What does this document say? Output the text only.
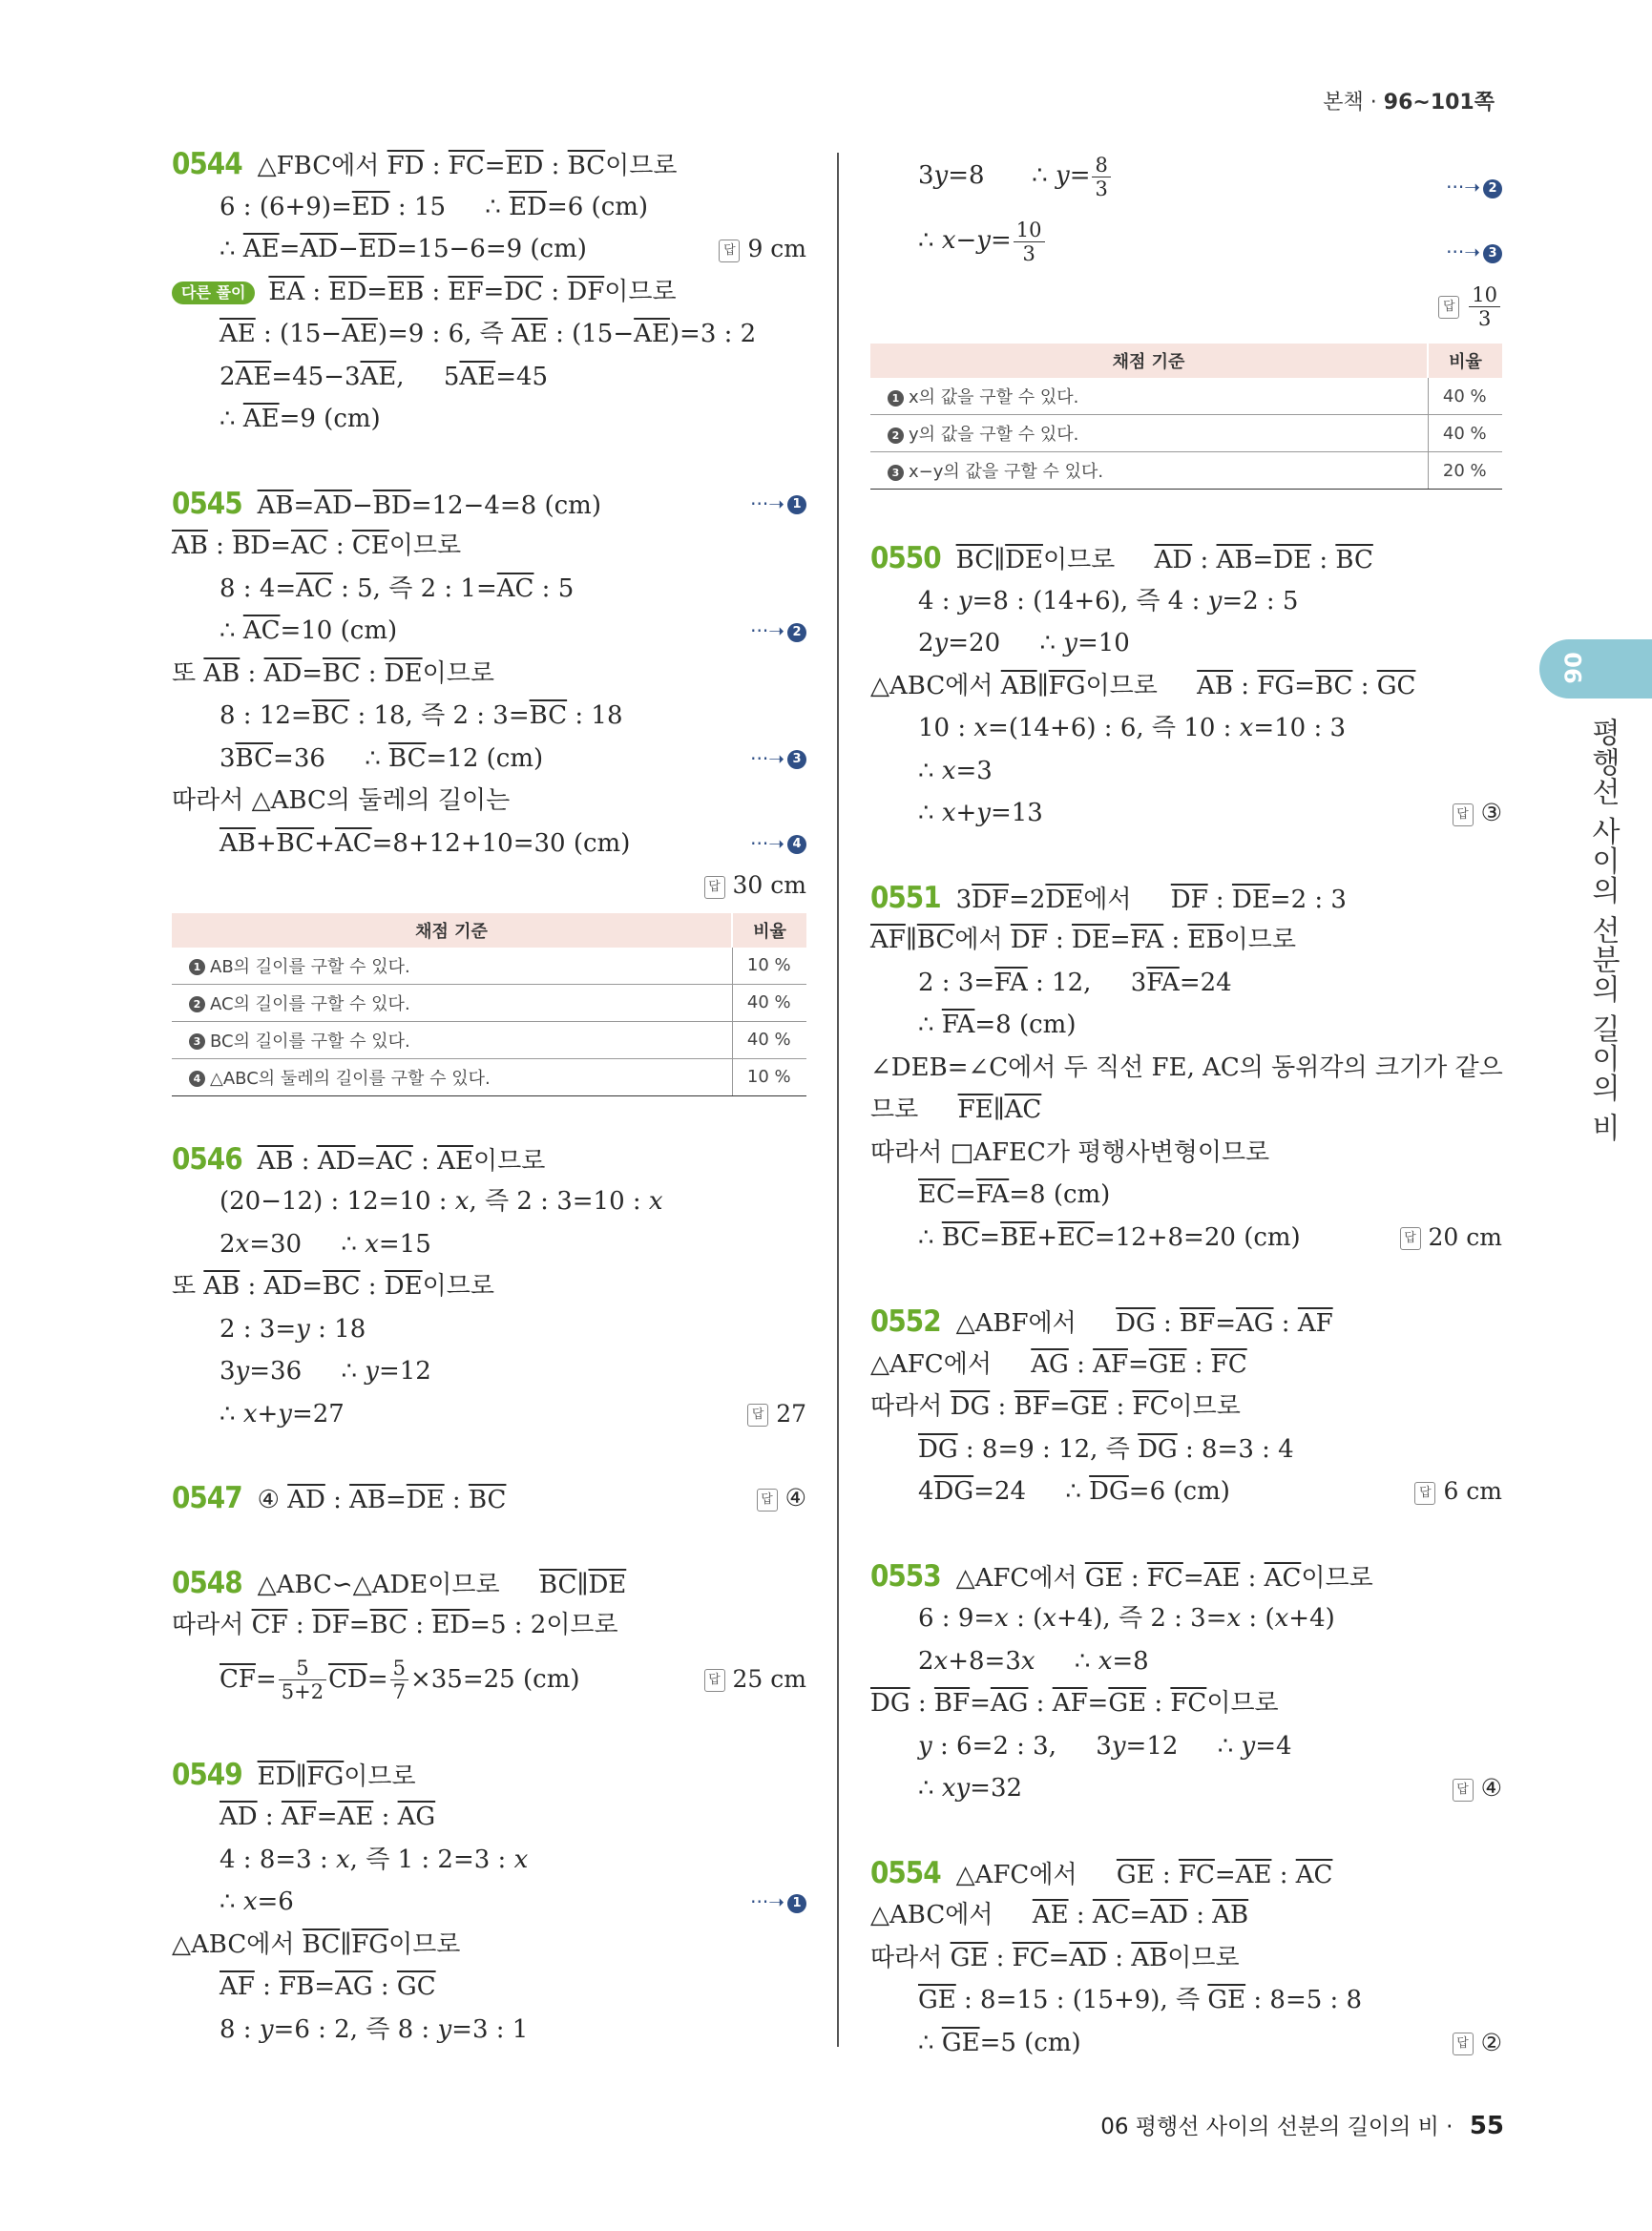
본책 · 96~101쪽
0544 △FBC에서 $\overline{FD}$ : $\overline{FC}=\overline{ED}$ : $\overline{BC}$이므로
6 : $(6+9)=\overline{ED}$ : 15     ∴ $\overline{ED}=6$ (cm)
∴ $\overline{AE}=\overline{AD}-\overline{ED}=15-6=9$ (cm)	답 9 cm
다른 풀이 $\overline{EA}$ : $\overline{ED}=\overline{EB}$ : $\overline{EF}=\overline{DC}$ : $\overline{DF}$이므로
$\overline{AE}$ : $(15-\overline{AE})=9$ : 6, 즉 $\overline{AE}$ : $(15-\overline{AE})=3$ : 2
$2\overline{AE}=45-3\overline{AE}$,     $5\overline{AE}=45$
∴ $\overline{AE}=9$ (cm)
0545 $\overline{AB}=\overline{AD}-\overline{BD}=12-4=8$ (cm)	···➝ 1
$\overline{AB}$ : $\overline{BD}=\overline{AC}$ : $\overline{CE}$이므로
8 : $4=\overline{AC}$ : 5, 즉 2 : $1=\overline{AC}$ : 5
∴ $\overline{AC}=10$ (cm)	···➝ 2
또 $\overline{AB}$ : $\overline{AD}=\overline{BC}$ : $\overline{DE}$이므로
8 : $12=\overline{BC}$ : 18, 즉 2 : $3=\overline{BC}$ : 18
$3\overline{BC}=36$     ∴ $\overline{BC}=12$ (cm)	···➝ 3
따라서 △ABC의 둘레의 길이는
$\overline{AB}+\overline{BC}+\overline{AC}=8+12+10=30$ (cm)	···➝ 4
답 30 cm
채점 기준	비율
1 AB의 길이를 구할 수 있다.	10 %
2 AC의 길이를 구할 수 있다.	40 %
3 BC의 길이를 구할 수 있다.	40 %
4 △ABC의 둘레의 길이를 구할 수 있다.	10 %
0546 $\overline{AB}$ : $\overline{AD}=\overline{AC}$ : $\overline{AE}$이므로
(20−12) : 12=10 : x, 즉 2 : 3=10 : x
2x=30     ∴ x=15
또 $\overline{AB}$ : $\overline{AD}=\overline{BC}$ : $\overline{DE}$이므로
2 : 3=y : 18
3y=36     ∴ y=12
∴ x+y=27	답 27
0547 ④ $\overline{AD}$ : $\overline{AB}=\overline{DE}$ : $\overline{BC}$	답 ④
0548 △ABC∽△ADE이므로     $\overline{BC}\parallel\overline{DE}$
따라서 $\overline{CF}$ : $\overline{DF}=\overline{BC}$ : $\overline{ED}=5$ : 2이므로
$\overline{CF}= \frac{5}{5+2} \overline{CD}= \frac{5}{7} \times 35=25$ (cm)	답 25 cm
0549 $\overline{ED}\parallel\overline{FG}$이므로
$\overline{AD}$ : $\overline{AF}=\overline{AE}$ : $\overline{AG}$
4 : 8=3 : x, 즉 1 : 2=3 : x
∴ x=6	···➝ 1
△ABC에서 $\overline{BC}\parallel\overline{FG}$이므로
$\overline{AF}$ : $\overline{FB}=\overline{AG}$ : $\overline{GC}$
8 : y=6 : 2, 즉 8 : y=3 : 1
3y=8      ∴ $y= \frac{8}{3}$	···➝ 2
∴ $x-y= \frac{10}{3}$	···➝ 3
답 $\frac{10}{3}$
채점 기준	비율
1 x의 값을 구할 수 있다.	40 %
2 y의 값을 구할 수 있다.	40 %
3 x−y의 값을 구할 수 있다.	20 %
0550 $\overline{BC}\parallel\overline{DE}$이므로     $\overline{AD}$ : $\overline{AB}=\overline{DE}$ : $\overline{BC}$
4 : y=8 : (14+6), 즉 4 : y=2 : 5
2y=20     ∴ y=10
△ABC에서 $\overline{AB}\parallel\overline{FG}$이므로     $\overline{AB}$ : $\overline{FG}=\overline{BC}$ : $\overline{GC}$
10 : x=(14+6) : 6, 즉 10 : x=10 : 3
∴ x=3
∴ x+y=13	답 ③
0551 $3\overline{DF}=2\overline{DE}$에서     $\overline{DF}$ : $\overline{DE}=2$ : 3
$\overline{AF}\parallel\overline{BC}$에서 $\overline{DF}$ : $\overline{DE}=\overline{FA}$ : $\overline{EB}$이므로
2 : $3=\overline{FA}$ : 12,     $3\overline{FA}=24$
∴ $\overline{FA}=8$ (cm)
∠DEB=∠C에서 두 직선 FE, AC의 동위각의 크기가 같으
므로     $\overline{FE}\parallel\overline{AC}$
따라서 □AFEC가 평행사변형이므로
$\overline{EC}=\overline{FA}=8$ (cm)
∴ $\overline{BC}=\overline{BE}+\overline{EC}=12+8=20$ (cm)	답 20 cm
0552 △ABF에서     $\overline{DG}$ : $\overline{BF}=\overline{AG}$ : $\overline{AF}$
△AFC에서     $\overline{AG}$ : $\overline{AF}=\overline{GE}$ : $\overline{FC}$
따라서 $\overline{DG}$ : $\overline{BF}=\overline{GE}$ : $\overline{FC}$이므로
$\overline{DG}$ : 8=9 : 12, 즉 $\overline{DG}$ : 8=3 : 4
$4\overline{DG}=24$     ∴ $\overline{DG}=6$ (cm)	답 6 cm
0553 △AFC에서 $\overline{GE}$ : $\overline{FC}=\overline{AE}$ : $\overline{AC}$이므로
6 : 9=x : (x+4), 즉 2 : 3=x : (x+4)
2x+8=3x     ∴ x=8
$\overline{DG}$ : $\overline{BF}=\overline{AG}$ : $\overline{AF}=\overline{GE}$ : $\overline{FC}$이므로
y : 6=2 : 3,     3y=12     ∴ y=4
∴ xy=32	답 ④
0554 △AFC에서     $\overline{GE}$ : $\overline{FC}=\overline{AE}$ : $\overline{AC}$
△ABC에서     $\overline{AE}$ : $\overline{AC}=\overline{AD}$ : $\overline{AB}$
따라서 $\overline{GE}$ : $\overline{FC}=\overline{AD}$ : $\overline{AB}$이므로
$\overline{GE}$ : 8=15 : (15+9), 즉 $\overline{GE}$ : 8=5 : 8
∴ $\overline{GE}=5$ (cm)	답 ②
06
평행선 사이의 선분의 길이의 비
06 평행선 사이의 선분의 길이의 비 · 55
